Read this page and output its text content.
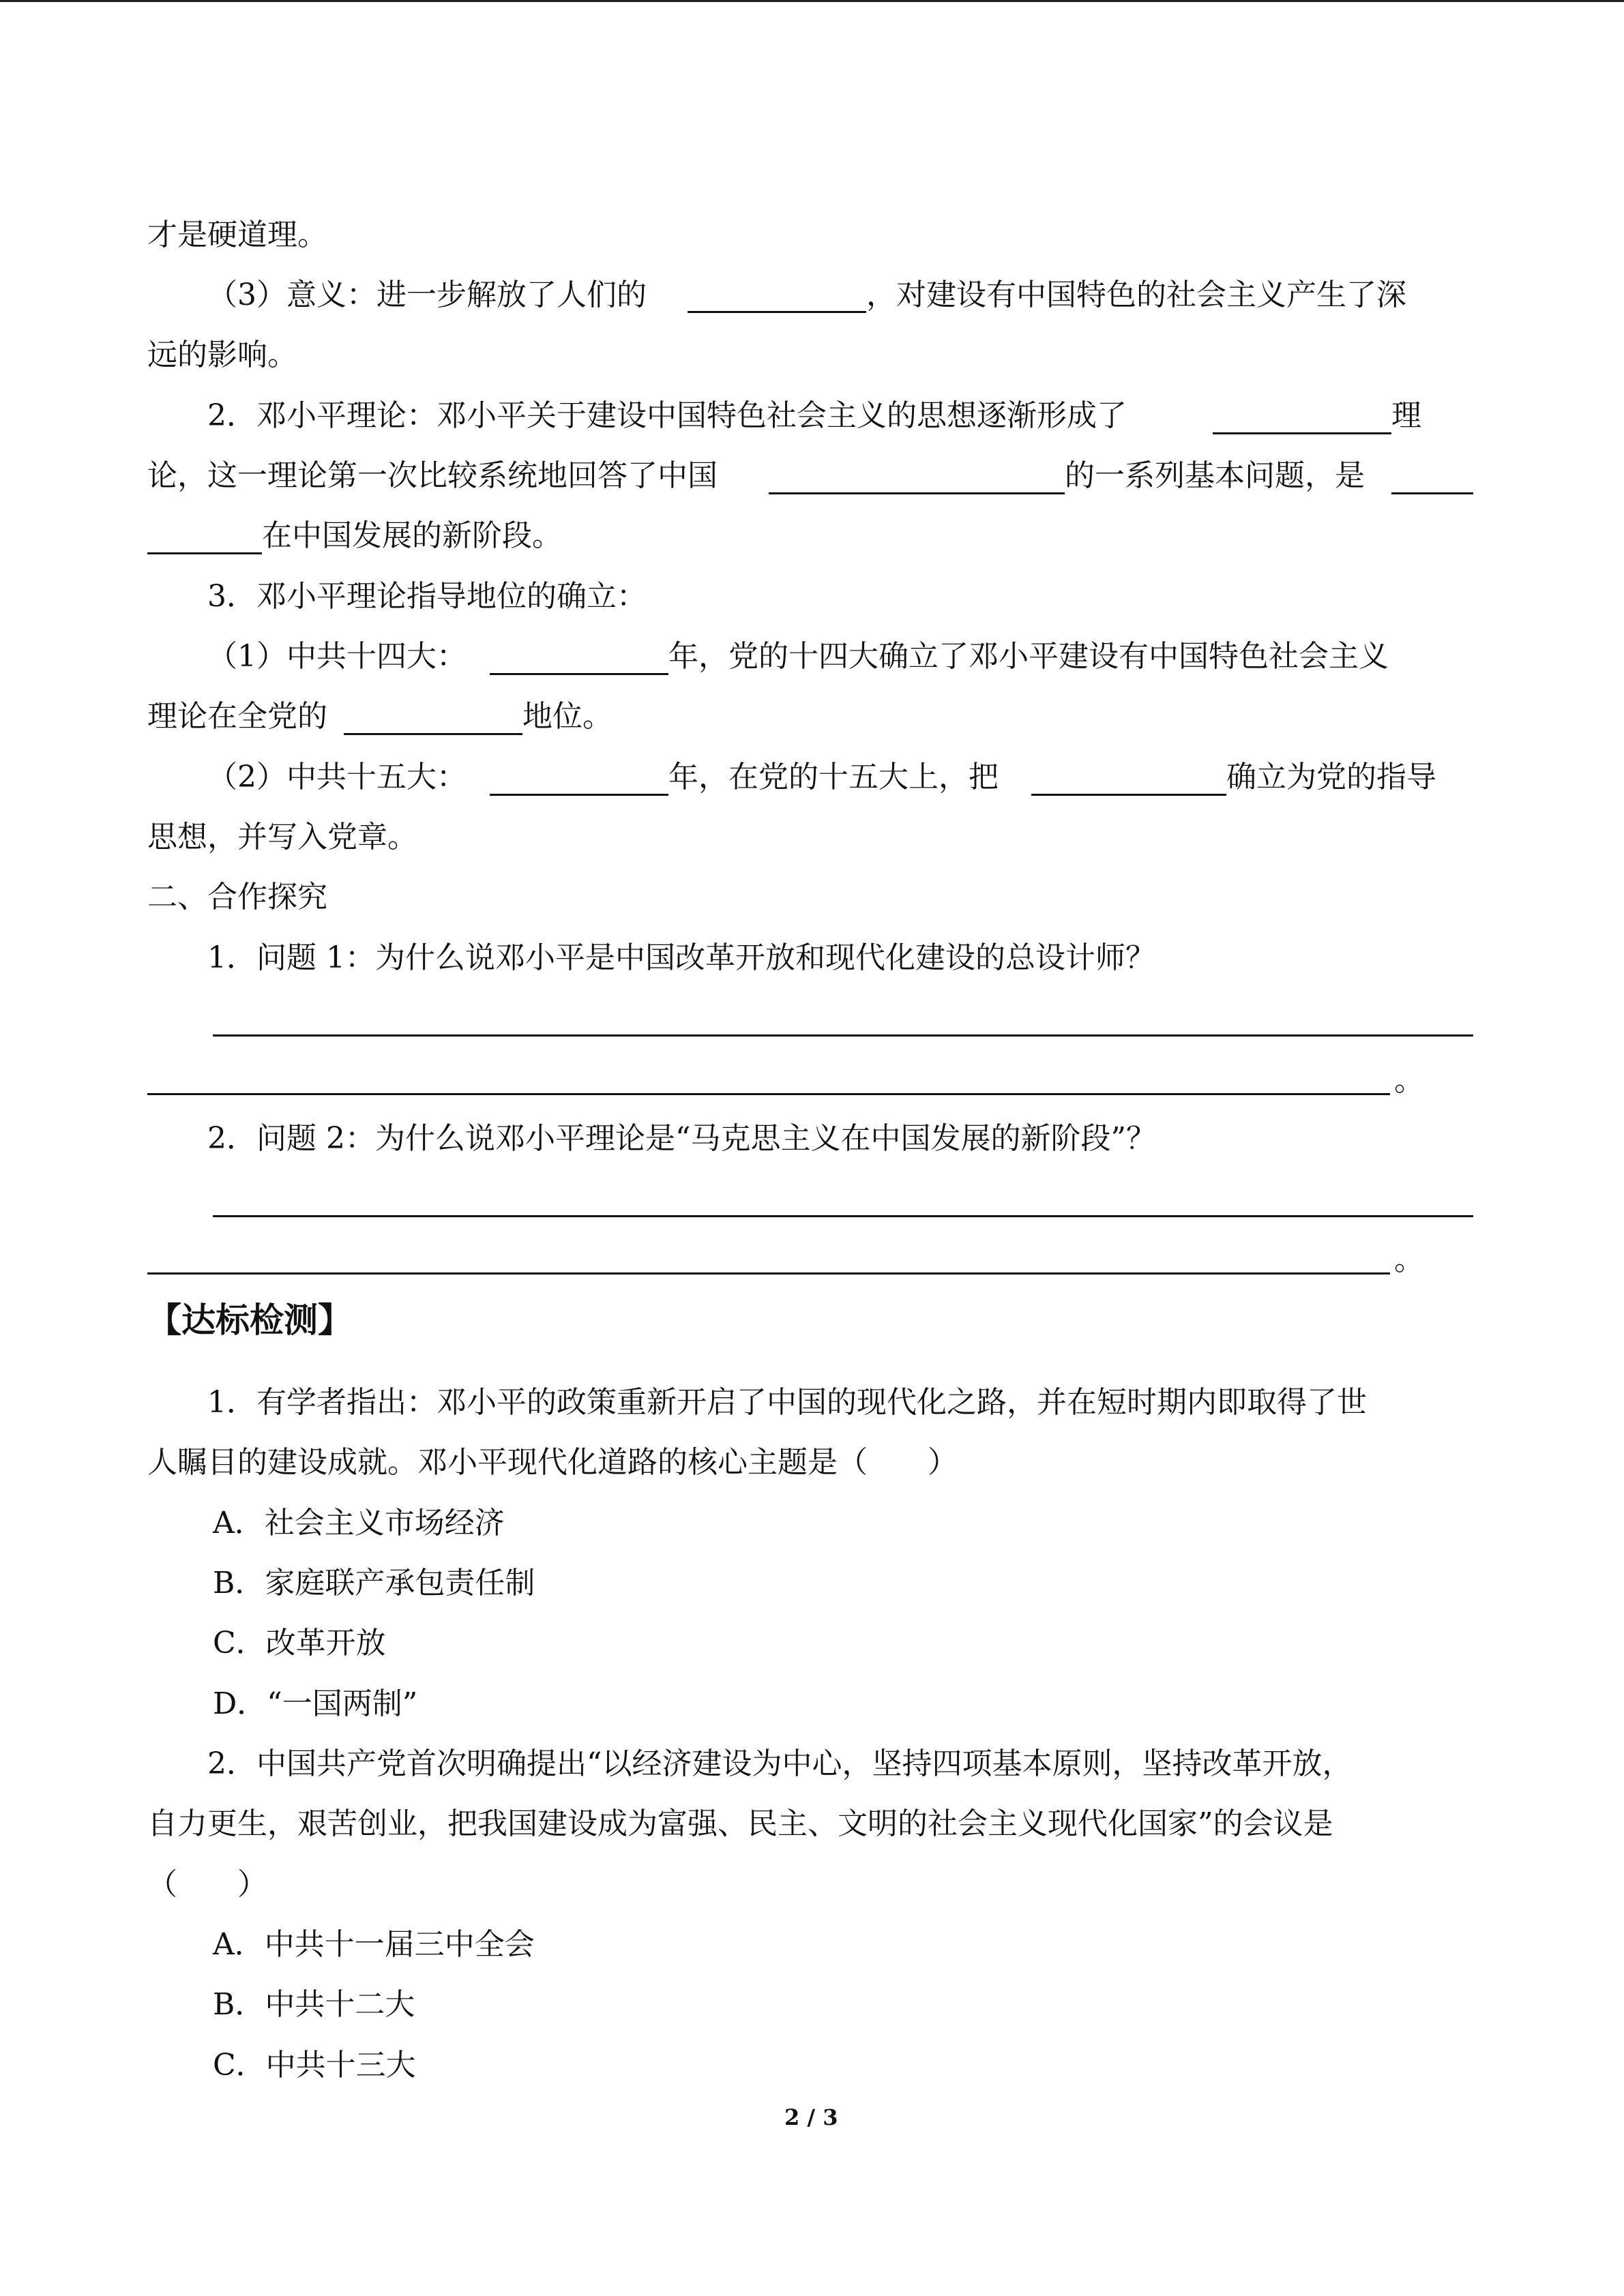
才是硬道理。
（3）意义：进一步解放了人们的	，对建设有中国特色的社会主义产生了深
远的影响。
2．邓小平理论：邓小平关于建设中国特色社会主义的思想逐渐形成了	理
论，这一理论第一次比较系统地回答了中国	的一系列基本问题，是
在中国发展的新阶段。
3．邓小平理论指导地位的确立：
（1）中共十四大：	年，党的十四大确立了邓小平建设有中国特色社会主义
理论在全党的	地位。
（2）中共十五大：	年，在党的十五大上，把	确立为党的指导
思想，并写入党章。
二、合作探究
1．问题 1：为什么说邓小平是中国改革开放和现代化建设的总设计师？
。
2．问题 2：为什么说邓小平理论是“马克思主义在中国发展的新阶段”？
。
【达标检测】
1．有学者指出：邓小平的政策重新开启了中国的现代化之路，并在短时期内即取得了世
人瞩目的建设成就。邓小平现代化道路的核心主题是（　　）
A．社会主义市场经济
B．家庭联产承包责任制
C．改革开放
D．“一国两制”
2．中国共产党首次明确提出“以经济建设为中心，坚持四项基本原则，坚持改革开放，
自力更生，艰苦创业，把我国建设成为富强、民主、文明的社会主义现代化国家”的会议是
（　　）
A．中共十一届三中全会
B．中共十二大
C．中共十三大
2 / 3
